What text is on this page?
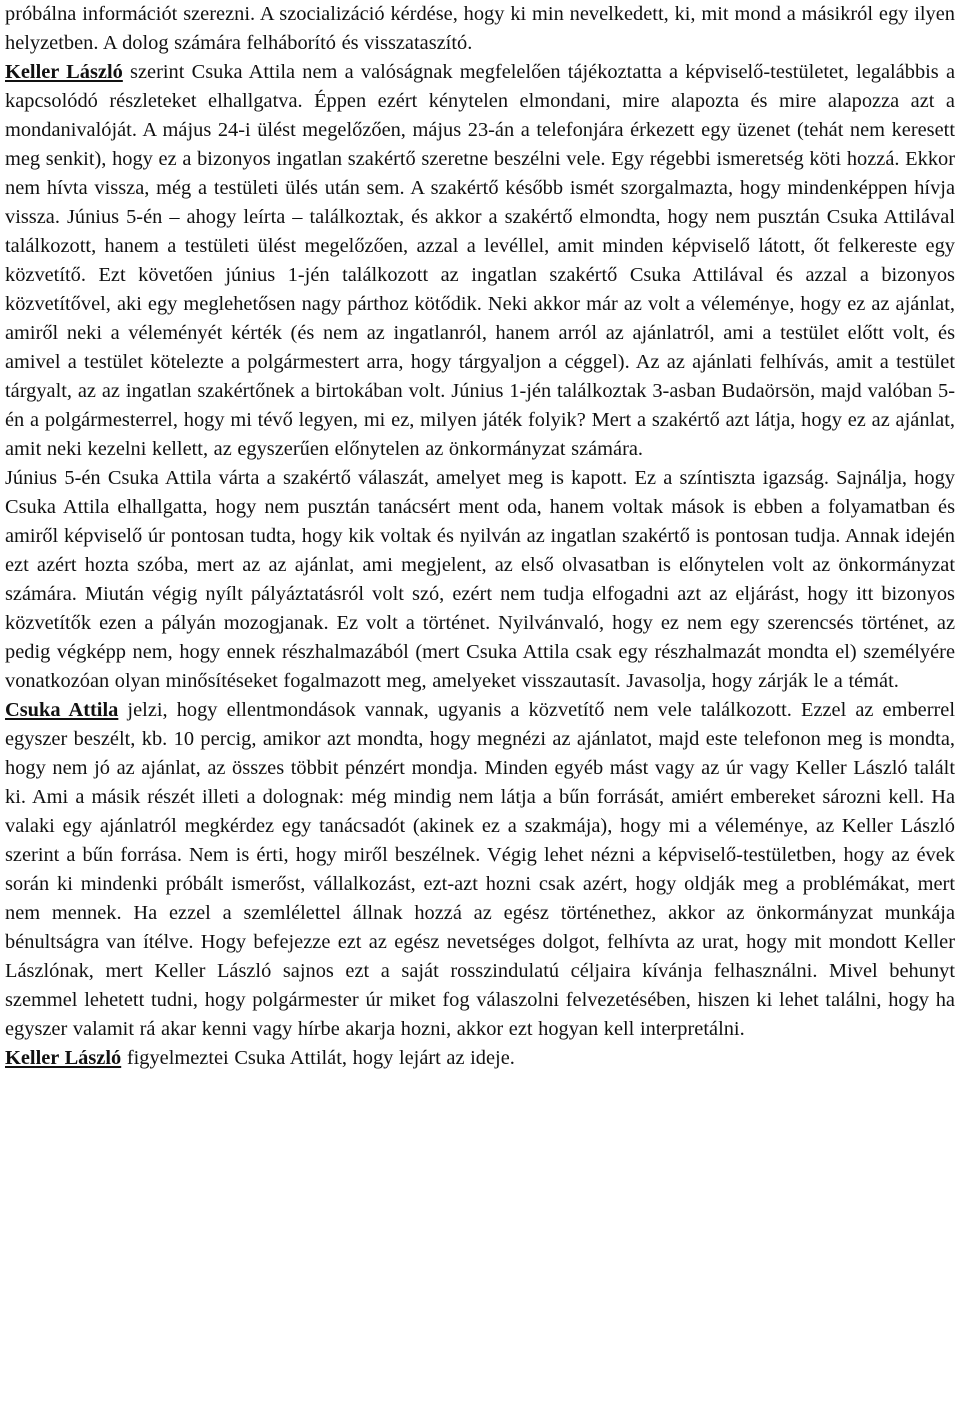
próbálna információt szerezni. A szocializáció kérdése, hogy ki min nevelkedett, ki, mit mond a másikról egy ilyen helyzetben. A dolog számára felháborító és visszataszító.

Keller László szerint Csuka Attila nem a valóságnak megfelelően tájékoztatta a képviselő-testületet, legalábbis a kapcsolódó részleteket elhallgatva. Éppen ezért kénytelen elmondani, mire alapozta és mire alapozza azt a mondanivalóját. A május 24-i ülést megelőzően, május 23-án a telefonjára érkezett egy üzenet (tehát nem keresett meg senkit), hogy ez a bizonyos ingatlan szakértő szeretne beszélni vele. Egy régebbi ismeretség köti hozzá. Ekkor nem hívta vissza, még a testületi ülés után sem. A szakértő később ismét szorgalmazta, hogy mindenképpen hívja vissza. Június 5-én – ahogy leírta – találkoztak, és akkor a szakértő elmondta, hogy nem pusztán Csuka Attilával találkozott, hanem a testületi ülést megelőzően, azzal a levéllel, amit minden képviselő látott, őt felkereste egy közvetítő. Ezt követően június 1-jén találkozott az ingatlan szakértő Csuka Attilával és azzal a bizonyos közvetítővel, aki egy meglehetősen nagy párthoz kötődik. Neki akkor már az volt a véleménye, hogy ez az ajánlat, amiről neki a véleményét kérték (és nem az ingatlanról, hanem arról az ajánlatról, ami a testület előtt volt, és amivel a testület kötelezte a polgármestert arra, hogy tárgyaljon a céggel). Az az ajánlati felhívás, amit a testület tárgyalt, az az ingatlan szakértőnek a birtokában volt. Június 1-jén találkoztak 3-asban Budaörsön, majd valóban 5-én a polgármesterrel, hogy mi tévő legyen, mi ez, milyen játék folyik? Mert a szakértő azt látja, hogy ez az ajánlat, amit neki kezelni kellett, az egyszerűen előnytelen az önkormányzat számára.

Június 5-én Csuka Attila várta a szakértő válaszát, amelyet meg is kapott. Ez a színtiszta igazság. Sajnálja, hogy Csuka Attila elhallgatta, hogy nem pusztán tanácsért ment oda, hanem voltak mások is ebben a folyamatban és amiről képviselő úr pontosan tudta, hogy kik voltak és nyilván az ingatlan szakértő is pontosan tudja. Annak idején ezt azért hozta szóba, mert az az ajánlat, ami megjelent, az első olvasatban is előnytelen volt az önkormányzat számára. Miután végig nyílt pályáztatásról volt szó, ezért nem tudja elfogadni azt az eljárást, hogy itt bizonyos közvetítők ezen a pályán mozogjanak. Ez volt a történet. Nyilvánvaló, hogy ez nem egy szerencsés történet, az pedig végképp nem, hogy ennek részhalmazából (mert Csuka Attila csak egy részhalmazát mondta el) személyére vonatkozóan olyan minősítéseket fogalmazott meg, amelyeket visszautasít. Javasolja, hogy zárják le a témát.

Csuka Attila jelzi, hogy ellentmondások vannak, ugyanis a közvetítő nem vele találkozott. Ezzel az emberrel egyszer beszélt, kb. 10 percig, amikor azt mondta, hogy megnézi az ajánlatot, majd este telefonon meg is mondta, hogy nem jó az ajánlat, az összes többit pénzért mondja. Minden egyéb mást vagy az úr vagy Keller László talált ki. Ami a másik részét illeti a dolognak: még mindig nem látja a bűn forrását, amiért embereket sározni kell. Ha valaki egy ajánlatról megkérdez egy tanácsadót (akinek ez a szakmája), hogy mi a véleménye, az Keller László szerint a bűn forrása. Nem is érti, hogy miről beszélnek. Végig lehet nézni a képviselő-testületben, hogy az évek során ki mindenki próbált ismerőst, vállalkozást, ezt-azt hozni csak azért, hogy oldják meg a problémákat, mert nem mennek. Ha ezzel a szemlélettel állnak hozzá az egész történethez, akkor az önkormányzat munkája bénultságra van ítélve. Hogy befejezze ezt az egész nevetséges dolgot, felhívta az urat, hogy mit mondott Keller Lászlónak, mert Keller László sajnos ezt a saját rosszindulatú céljaira kívánja felhasználni. Mivel behunyt szemmel lehetett tudni, hogy polgármester úr miket fog válaszolni felvezetésében, hiszen ki lehet találni, hogy ha egyszer valamit rá akar kenni vagy hírbe akarja hozni, akkor ezt hogyan kell interpretálni.

Keller László figyelmeztei Csuka Attilát, hogy lejárt az ideje.
